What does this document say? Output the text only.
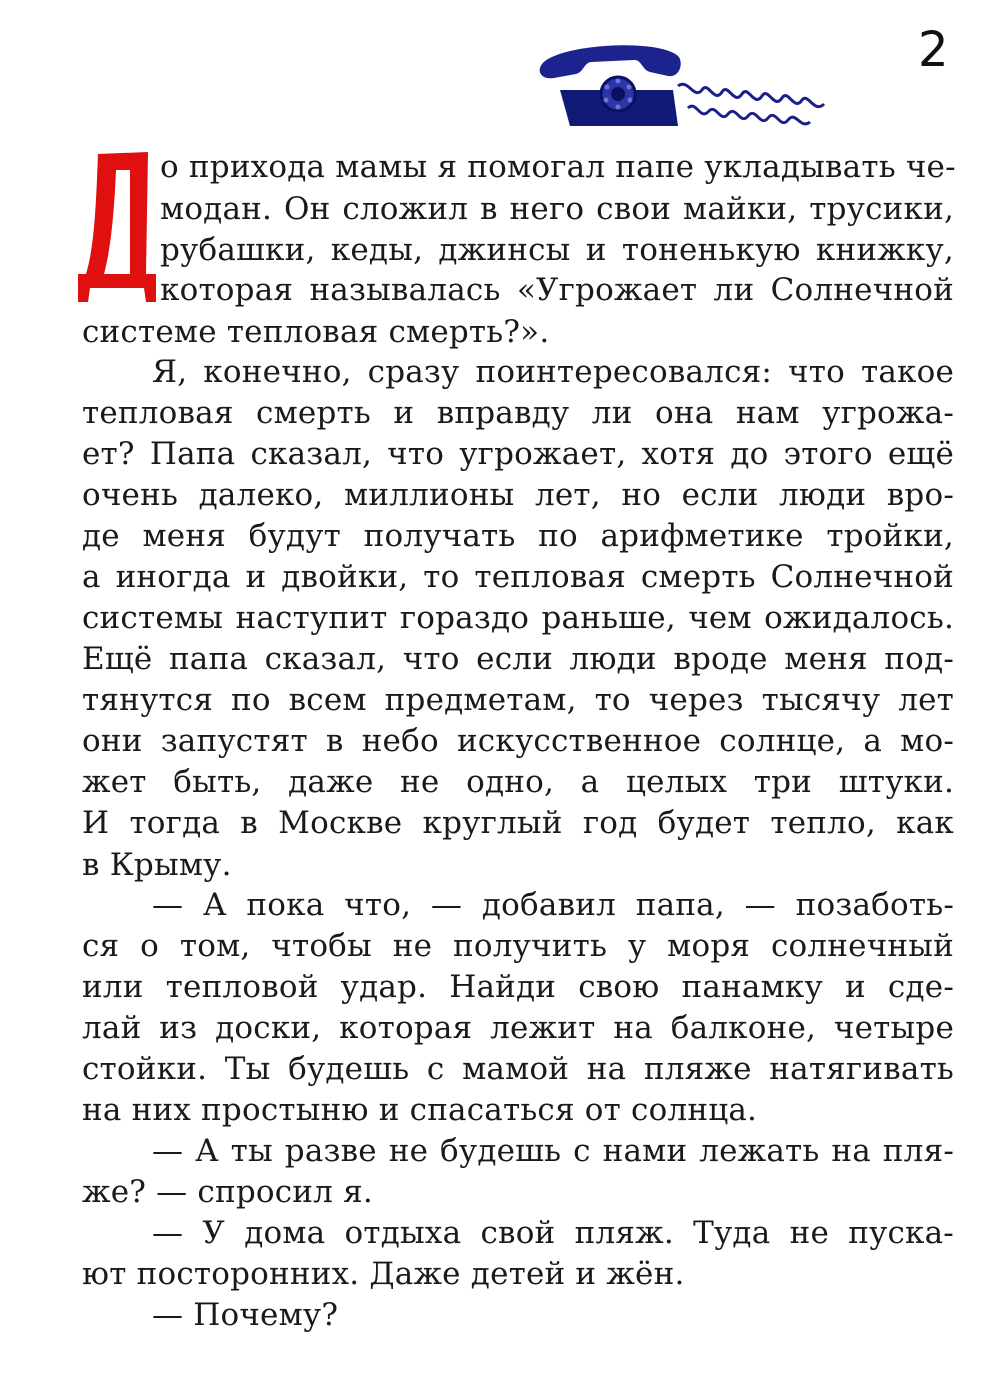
2
о прихода мамы я помогал папе укладывать че-
модан. Он сложил в него свои майки, трусики,
рубашки, кеды, джинсы и тоненькую книжку,
которая называлась «Угрожает ли Солнечной
системе тепловая смерть?».
Я, конечно, сразу поинтересовался: что такое
тепловая смерть и вправду ли она нам угрожа-
ет? Папа сказал, что угрожает, хотя до этого ещё
очень далеко, миллионы лет, но если люди вро-
де меня будут получать по арифметике тройки,
а иногда и двойки, то тепловая смерть Солнечной
системы наступит гораздо раньше, чем ожидалось.
Ещё папа сказал, что если люди вроде меня под-
тянутся по всем предметам, то через тысячу лет
они запустят в небо искусственное солнце, а мо-
жет быть, даже не одно, а целых три штуки.
И тогда в Москве круглый год будет тепло, как
в Крыму.
— А пока что, — добавил папа, — позаботь-
ся о том, чтобы не получить у моря солнечный
или тепловой удар. Найди свою панамку и сде-
лай из доски, которая лежит на балконе, четыре
стойки. Ты будешь с мамой на пляже натягивать
на них простыню и спасаться от солнца.
— А ты разве не будешь с нами лежать на пля-
же? — спросил я.
— У дома отдыха свой пляж. Туда не пуска-
ют посторонних. Даже детей и жён.
— Почему?
